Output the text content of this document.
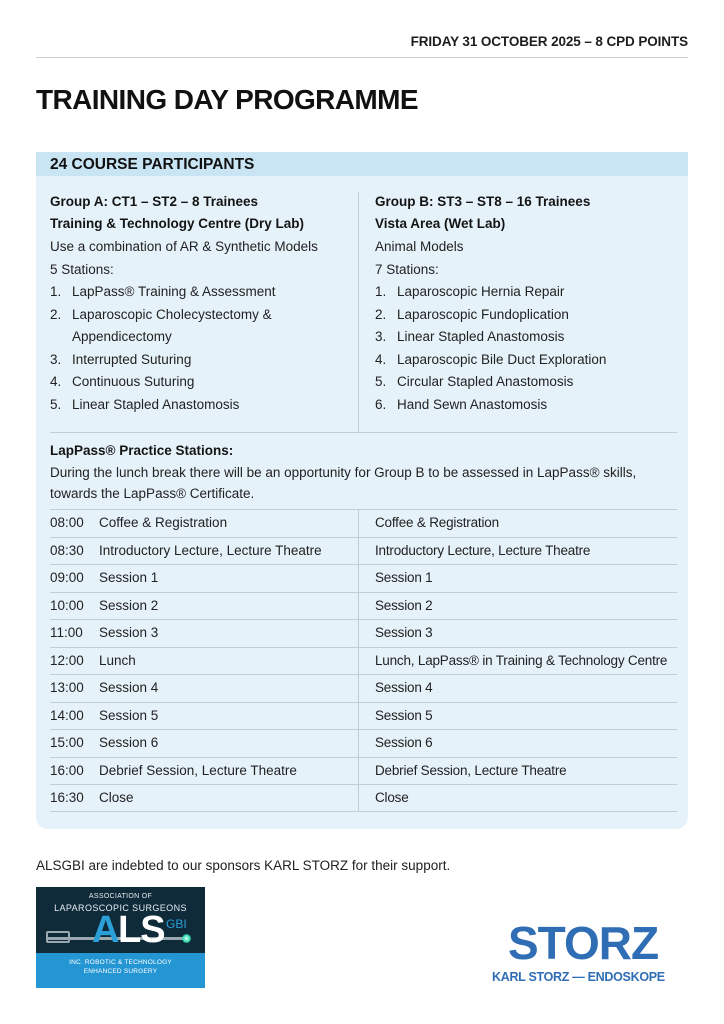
FRIDAY 31 OCTOBER 2025 – 8 CPD POINTS
TRAINING DAY PROGRAMME
24 COURSE PARTICIPANTS
Group A: CT1 – ST2 – 8 Trainees
Training & Technology Centre (Dry Lab)
Use a combination of AR & Synthetic Models
5 Stations:
1. LapPass® Training & Assessment
2. Laparoscopic Cholecystectomy & Appendicectomy
3. Interrupted Suturing
4. Continuous Suturing
5. Linear Stapled Anastomosis
Group B: ST3 – ST8 – 16 Trainees
Vista Area (Wet Lab)
Animal Models
7 Stations:
1. Laparoscopic Hernia Repair
2. Laparoscopic Fundoplication
3. Linear Stapled Anastomosis
4. Laparoscopic Bile Duct Exploration
5. Circular Stapled Anastomosis
6. Hand Sewn Anastomosis
LapPass® Practice Stations:
During the lunch break there will be an opportunity for Group B to be assessed in LapPass® skills, towards the LapPass® Certificate.
08:00 Coffee & Registration	Coffee & Registration
08:30 Introductory Lecture, Lecture Theatre	Introductory Lecture, Lecture Theatre
09:00 Session 1	Session 1
10:00 Session 2	Session 2
11:00 Session 3	Session 3
12:00 Lunch	Lunch, LapPass® in Training & Technology Centre
13:00 Session 4	Session 4
14:00 Session 5	Session 5
15:00 Session 6	Session 6
16:00 Debrief Session, Lecture Theatre	Debrief Session, Lecture Theatre
16:30 Close	Close
ALSGBI are indebted to our sponsors KARL STORZ for their support.
ASSOCIATION OF
LAPAROSCOPIC SURGEONS
A
LS GBI
INC. ROBOTIC & TECHNOLOGY
ENHANCED SURGERY
STORZ
KARL STORZ — ENDOSKOPE
